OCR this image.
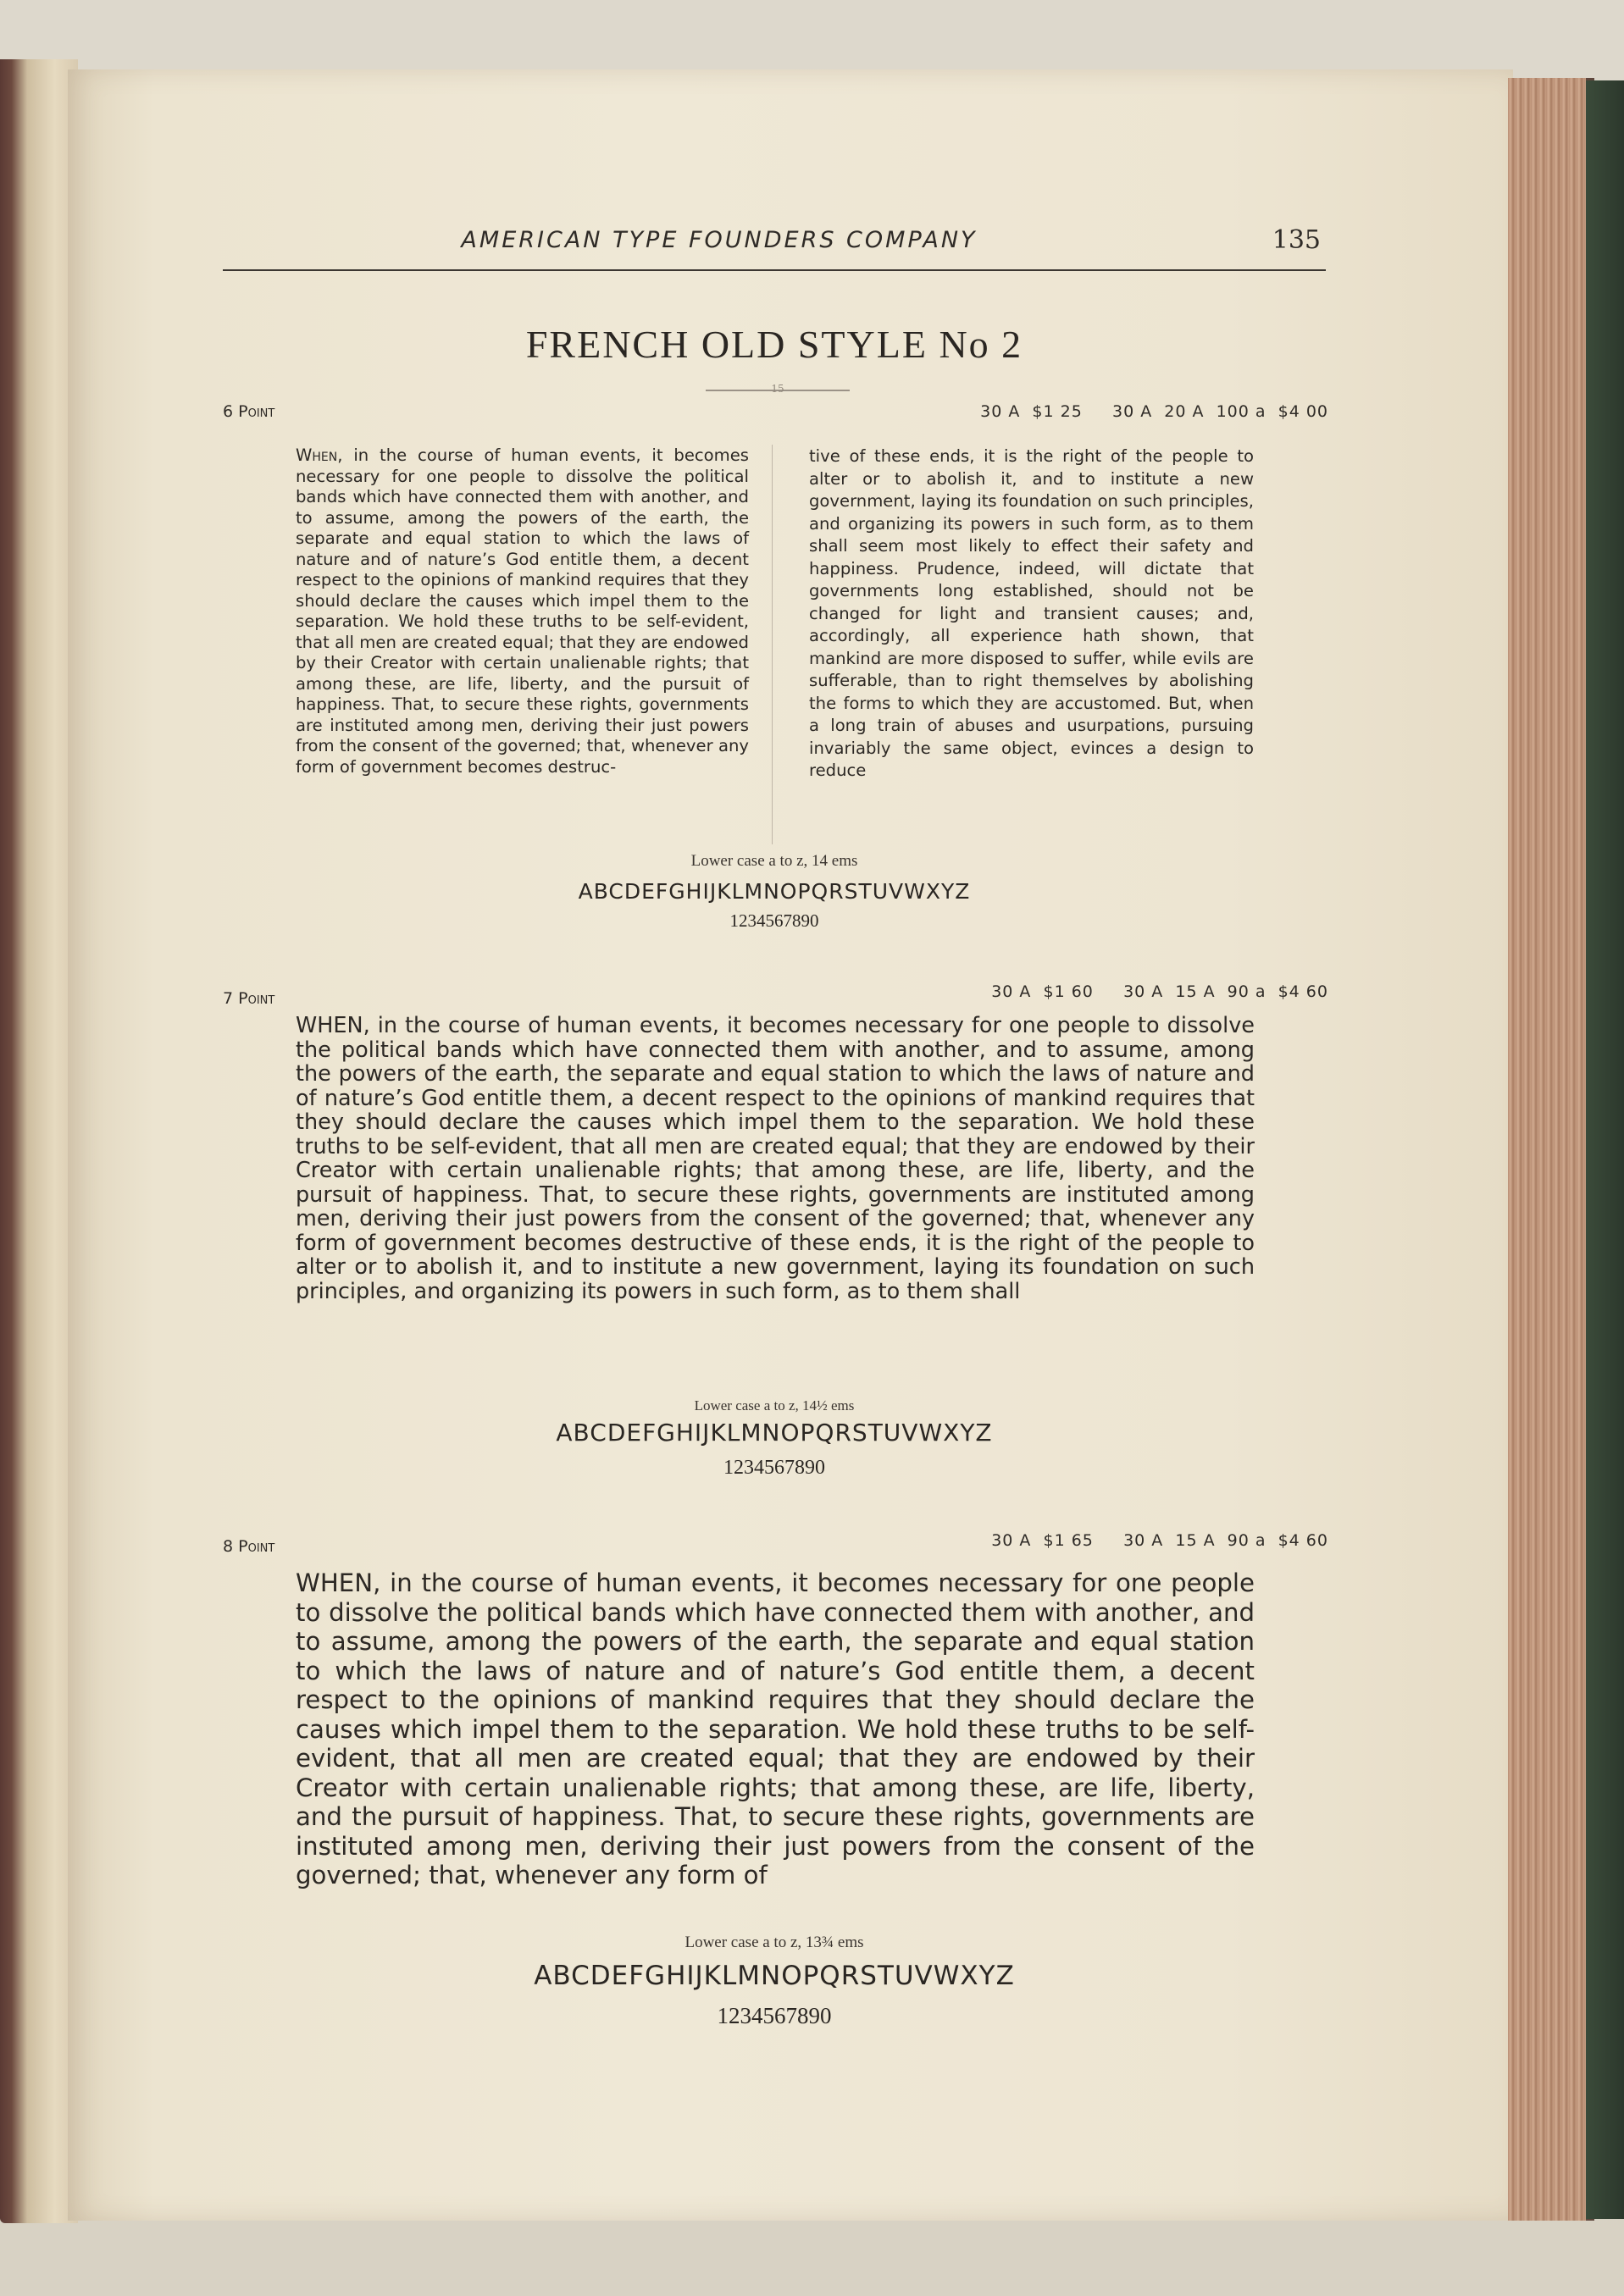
AMERICAN TYPE FOUNDERS COMPANY	135
FRENCH OLD STYLE No 2
15
6 Point	30 A  $1 25     30 A  20 A  100 a  $4 00
When, in the course of human events, it becomes necessary for one people to dissolve the political bands which have connected them with another, and to assume, among the powers of the earth, the separate and equal station to which the laws of nature and of nature’s God entitle them, a decent respect to the opinions of mankind requires that they should declare the causes which impel them to the separation. We hold these truths to be self-evident, that all men are created equal; that they are endowed by their Creator with certain unalienable rights; that among these, are life, liberty, and the pursuit of happiness. That, to secure these rights, governments are instituted among men, deriving their just powers from the consent of the governed; that, whenever any form of government becomes destruc-
tive of these ends, it is the right of the people to alter or to abolish it, and to institute a new government, laying its foundation on such principles, and organizing its powers in such form, as to them shall seem most likely to effect their safety and happiness. Prudence, indeed, will dictate that governments long established, should not be changed for light and transient causes; and, accordingly, all experience hath shown, that mankind are more disposed to suffer, while evils are sufferable, than to right themselves by abolishing the forms to which they are accustomed. But, when a long train of abuses and usurpations, pursuing invariably the same object, evinces a design to reduce
Lower case a to z, 14 ems
ABCDEFGHIJKLMNOPQRSTUVWXYZ
1234567890
7 Point	30 A  $1 60     30 A  15 A  90 a  $4 60
WHEN, in the course of human events, it becomes necessary for one people to dissolve the political bands which have connected them with another, and to assume, among the powers of the earth, the separate and equal station to which the laws of nature and of nature’s God entitle them, a decent respect to the opinions of mankind requires that they should declare the causes which impel them to the separation. We hold these truths to be self-evident, that all men are created equal; that they are endowed by their Creator with certain unalienable rights; that among these, are life, liberty, and the pursuit of happiness. That, to secure these rights, governments are instituted among men, deriving their just powers from the consent of the governed; that, whenever any form of government becomes destructive of these ends, it is the right of the people to alter or to abolish it, and to institute a new government, laying its foundation on such principles, and organizing its powers in such form, as to them shall
Lower case a to z, 14½ ems
ABCDEFGHIJKLMNOPQRSTUVWXYZ
1234567890
8 Point	30 A  $1 65     30 A  15 A  90 a  $4 60
WHEN, in the course of human events, it becomes necessary for one people to dissolve the political bands which have connected them with another, and to assume, among the powers of the earth, the separate and equal station to which the laws of nature and of nature’s God entitle them, a decent respect to the opinions of mankind requires that they should declare the causes which impel them to the separation. We hold these truths to be self-evident, that all men are created equal; that they are endowed by their Creator with certain unalienable rights; that among these, are life, liberty, and the pursuit of happiness. That, to secure these rights, governments are instituted among men, deriving their just powers from the consent of the governed; that, whenever any form of
Lower case a to z, 13¾ ems
ABCDEFGHIJKLMNOPQRSTUVWXYZ
1234567890
